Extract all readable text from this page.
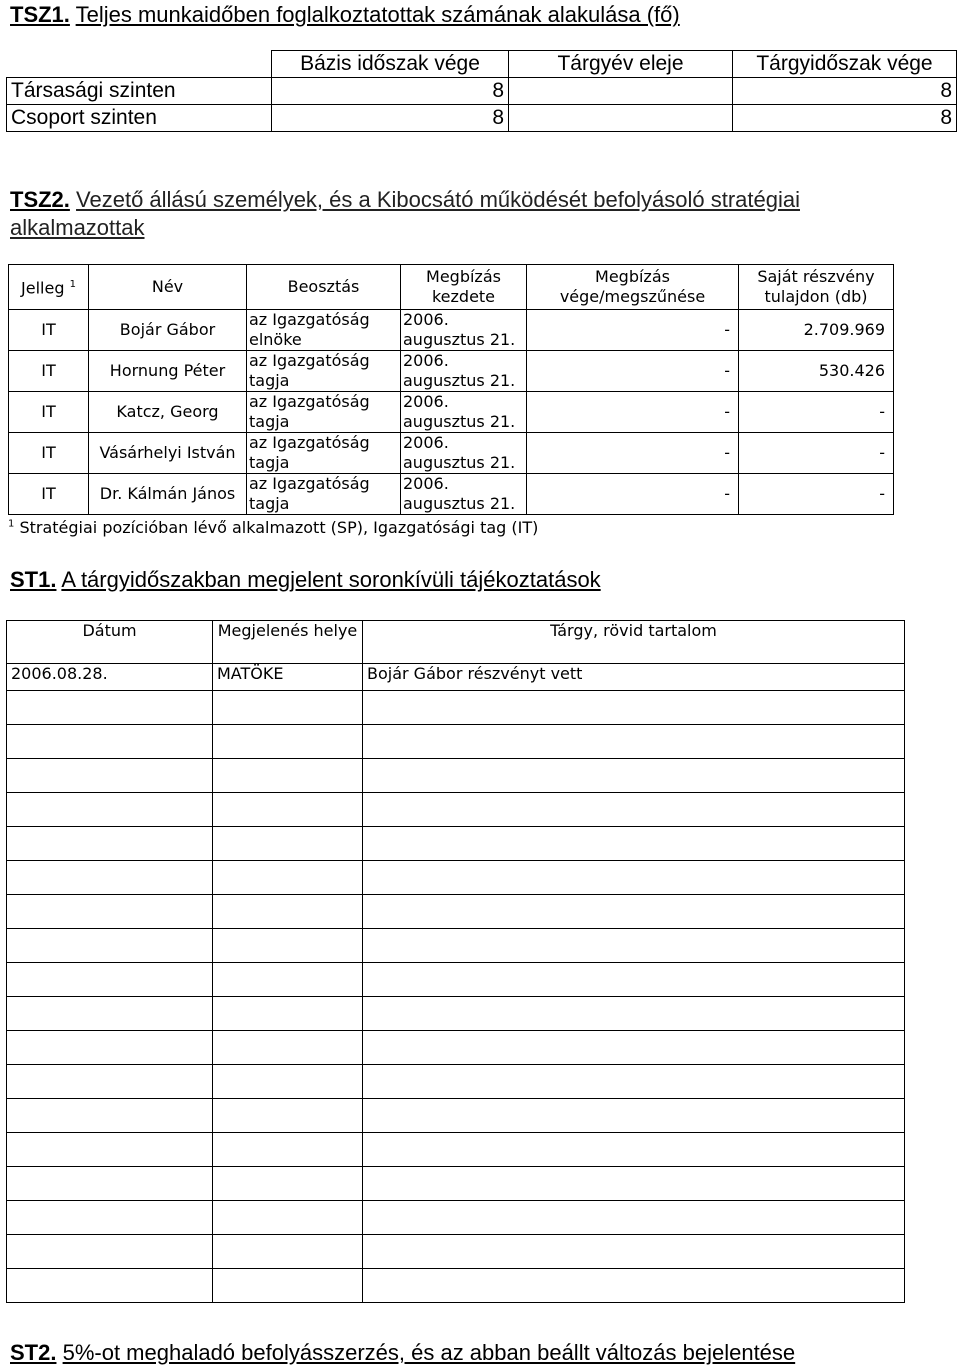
TSZ1. Teljes munkaidőben foglalkoztatottak számának alakulása (fő)
	Bázis időszak vége	Tárgyév eleje	Tárgyidőszak vége
Társasági szinten	8		8
Csoport szinten	8		8
TSZ2. Vezető állású személyek, és a Kibocsátó működését befolyásoló stratégiai alkalmazottak
Jelleg $^1$	Név	Beosztás	Megbízás kezdete	Megbízás vége/megszűnése	Saját részvény tulajdon (db)
IT	Bojár Gábor	az Igazgatóság elnöke	2006. augusztus 21.	-	2.709.969
IT	Hornung Péter	az Igazgatóság tagja	2006. augusztus 21.	-	530.426
IT	Katcz, Georg	az Igazgatóság tagja	2006. augusztus 21.	-	-
IT	Vásárhelyi István	az Igazgatóság tagja	2006. augusztus 21.	-	-
IT	Dr. Kálmán János	az Igazgatóság tagja	2006. augusztus 21.	-	-
$^1$ Stratégiai pozícióban lévő alkalmazott (SP), Igazgatósági tag (IT)
ST1. A tárgyidőszakban megjelent soronkívüli tájékoztatások
Dátum	Megjelenés helye	Tárgy, rövid tartalom
2006.08.28.	MATÖKE	Bojár Gábor részvényt vett

ST2. 5%-ot meghaladó befolyásszerzés, és az abban beállt változás bejelentése
